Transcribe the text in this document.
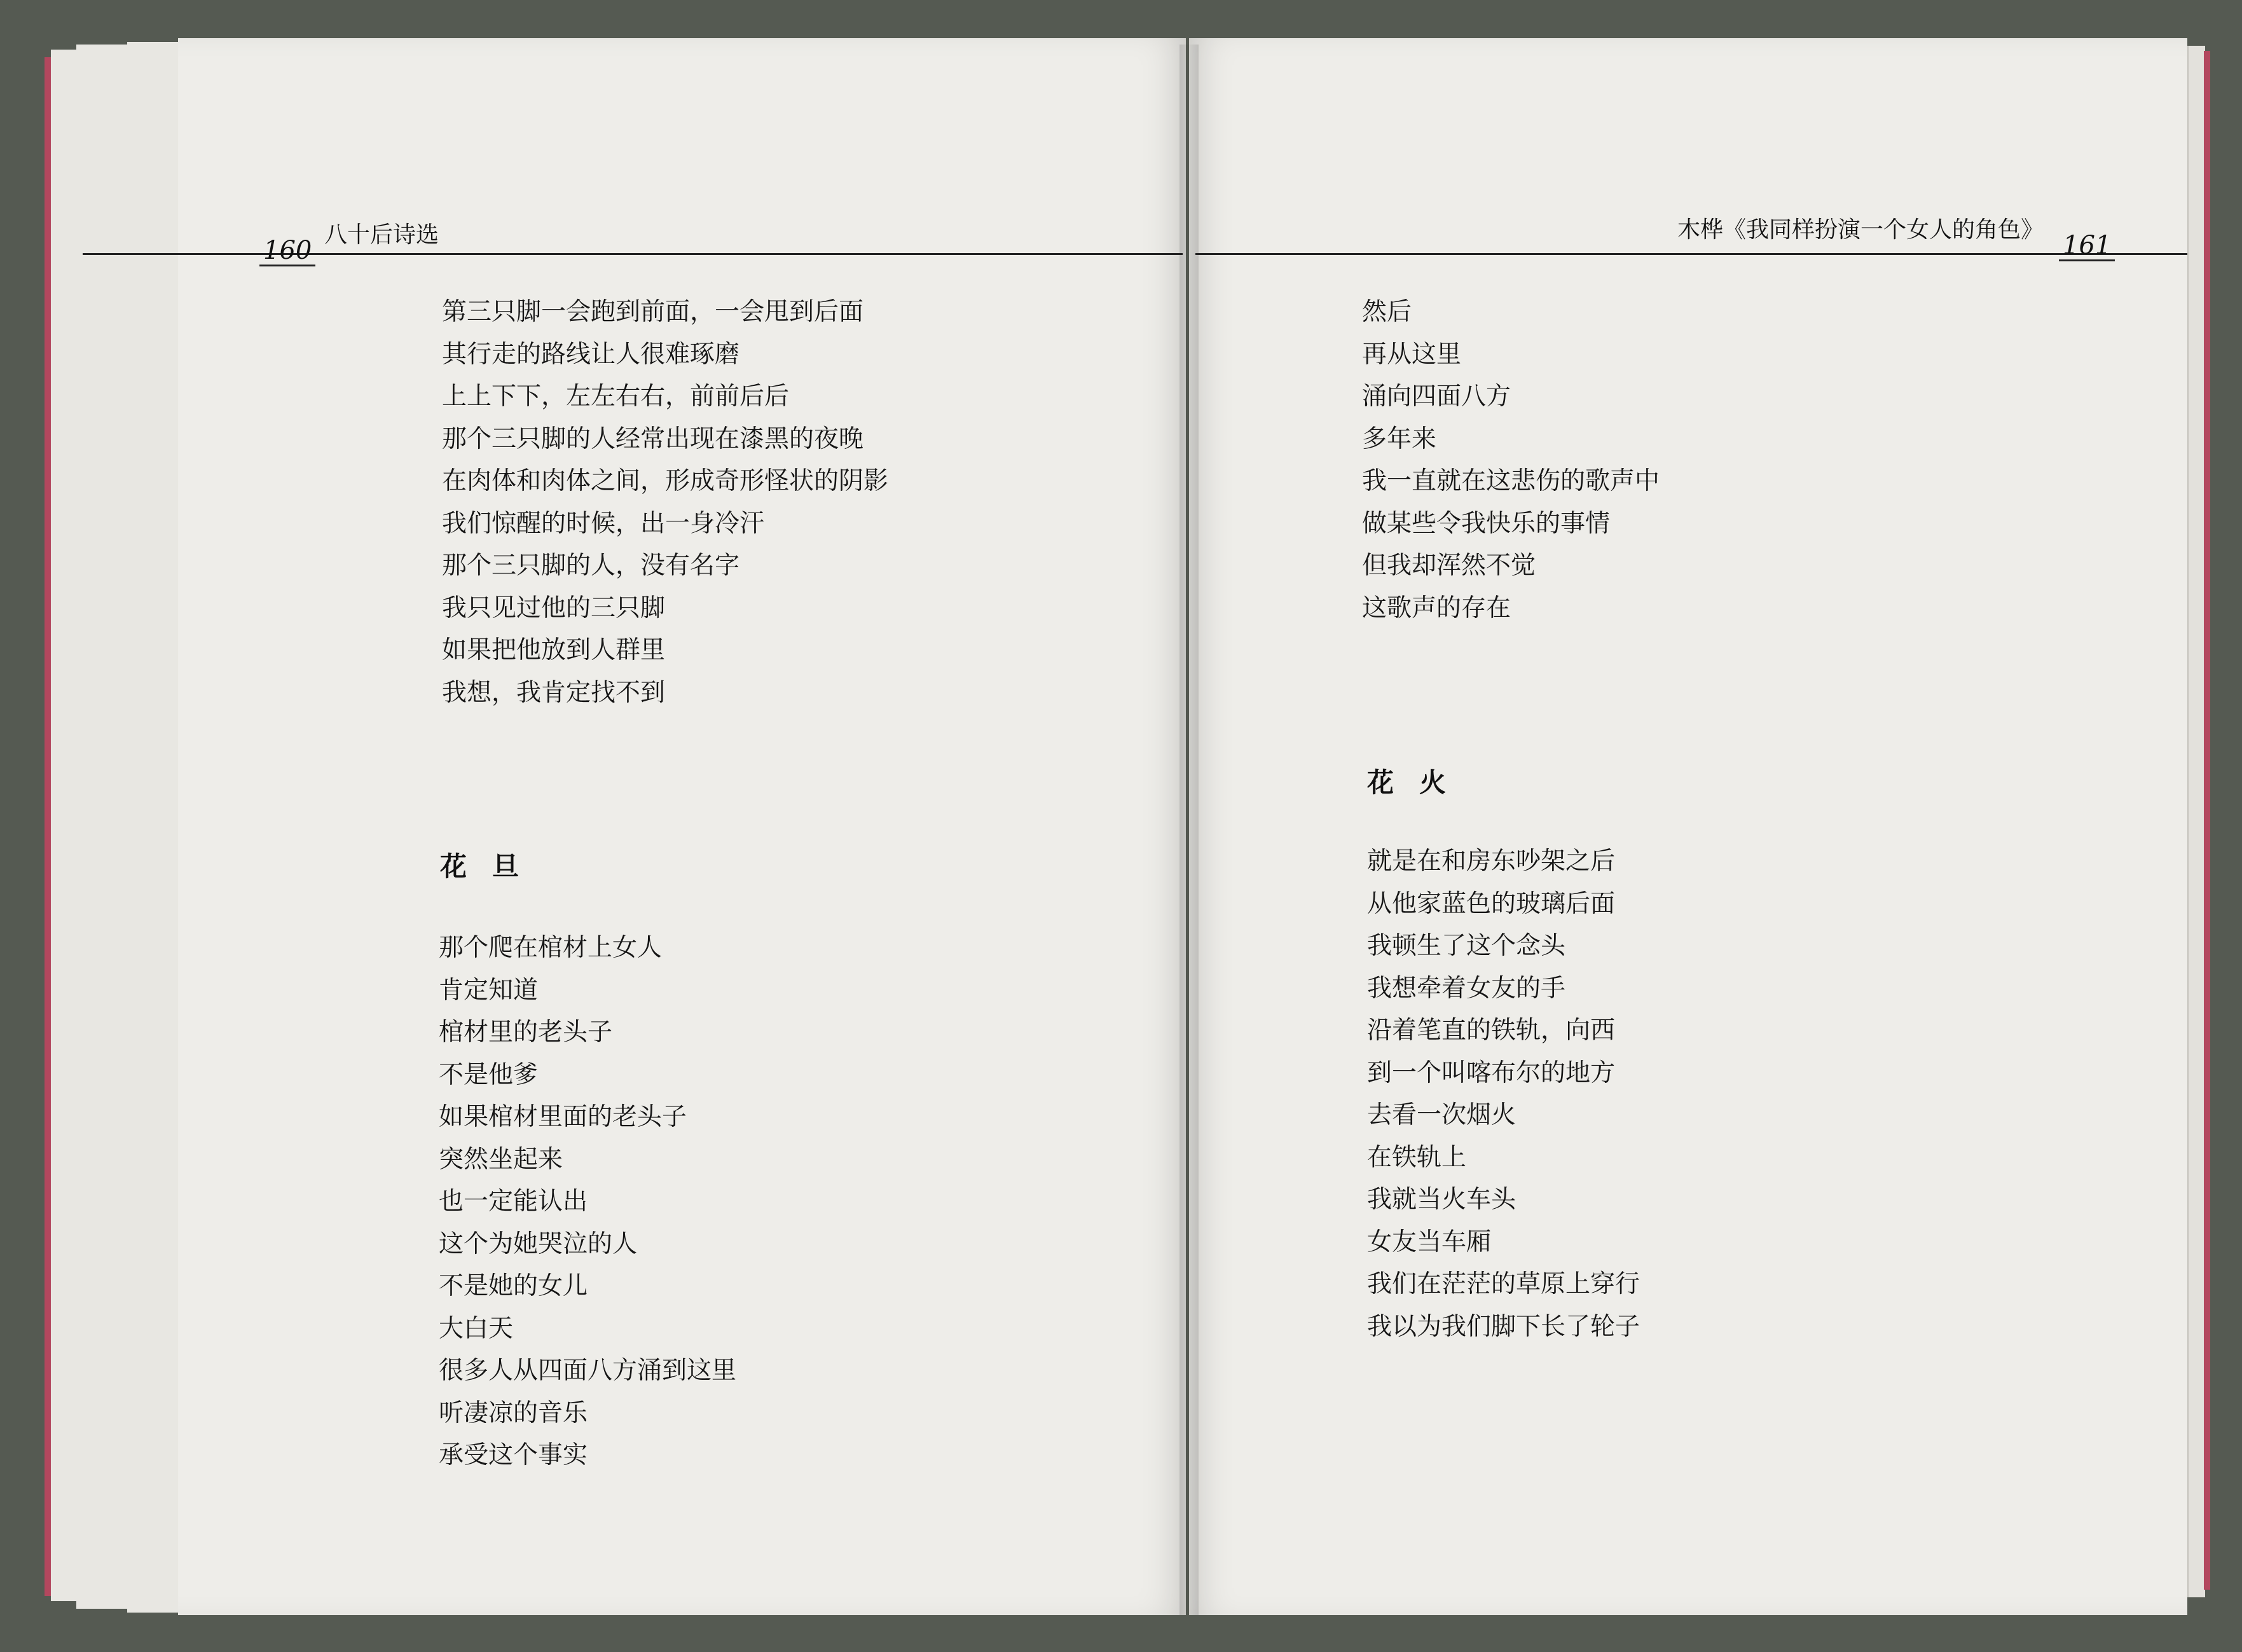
160
八十后诗选	木桦《我同样扮演一个女人的角色》
161
第三只脚一会跑到前面，一会甩到后面
其行走的路线让人很难琢磨
上上下下，左左右右，前前后后
那个三只脚的人经常出现在漆黑的夜晚
在肉体和肉体之间，形成奇形怪状的阴影
我们惊醒的时候，出一身冷汗
那个三只脚的人，没有名字
我只见过他的三只脚
如果把他放到人群里
我想，我肯定找不到
花旦
那个爬在棺材上女人
肯定知道
棺材里的老头子
不是他爹
如果棺材里面的老头子
突然坐起来
也一定能认出
这个为她哭泣的人
不是她的女儿
大白天
很多人从四面八方涌到这里
听凄凉的音乐
承受这个事实
然后
再从这里
涌向四面八方
多年来
我一直就在这悲伤的歌声中
做某些令我快乐的事情
但我却浑然不觉
这歌声的存在
花火
就是在和房东吵架之后
从他家蓝色的玻璃后面
我顿生了这个念头
我想牵着女友的手
沿着笔直的铁轨，向西
到一个叫喀布尔的地方
去看一次烟火
在铁轨上
我就当火车头
女友当车厢
我们在茫茫的草原上穿行
我以为我们脚下长了轮子
